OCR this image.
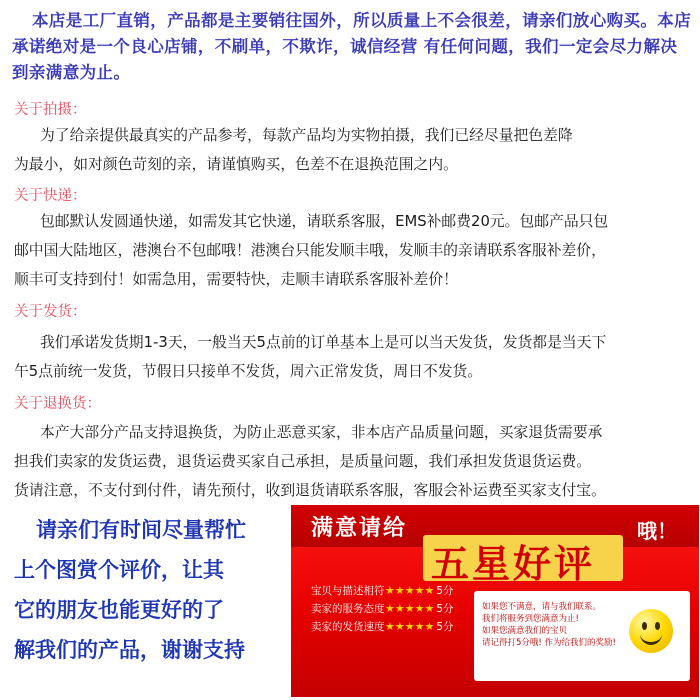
本店是工厂直销，产品都是主要销往国外，所以质量上不会很差，请亲们放心购买。本店
承诺绝对是一个良心店铺，不刷单，不欺诈，诚信经营 有任何问题，我们一定会尽力解决
到亲满意为止。
关于拍摄：
为了给亲提供最真实的产品参考，每款产品均为实物拍摄，我们已经尽量把色差降
为最小，如对颜色苛刻的亲，请谨慎购买，色差不在退换范围之内。
关于快递：
包邮默认发圆通快递，如需发其它快递，请联系客服，EMS补邮费20元。包邮产品只包
邮中国大陆地区，港澳台不包邮哦！港澳台只能发顺丰哦，发顺丰的亲请联系客服补差价，
顺丰可支持到付！如需急用，需要特快，走顺丰请联系客服补差价！
关于发货：
我们承诺发货期1-3天，一般当天5点前的订单基本上是可以当天发货，发货都是当天下
午5点前统一发货，节假日只接单不发货，周六正常发货，周日不发货。
关于退换货：
本产大部分产品支持退换货，为防止恶意买家，非本店产品质量问题，买家退货需要承
担我们卖家的发货运费，退货运费买家自己承担，是质量问题，我们承担发货退货运费。
货请注意，不支付到付件，请先预付，收到退货请联系客服，客服会补运费至买家支付宝。
请亲们有时间尽量帮忙
上个图赏个评价，让其
它的朋友也能更好的了
解我们的产品，谢谢支持
满意请给
五星好评
哦！
宝贝与描述相符★★★★★ 5分
卖家的服务态度★★★★★ 5分
卖家的发货速度★★★★★ 5分
如果您不满意，请与我们联系。
我们将服务到您满意为止!
如果您满意我们的宝贝
请记得打5分哦! 作为给我们的奖励!
